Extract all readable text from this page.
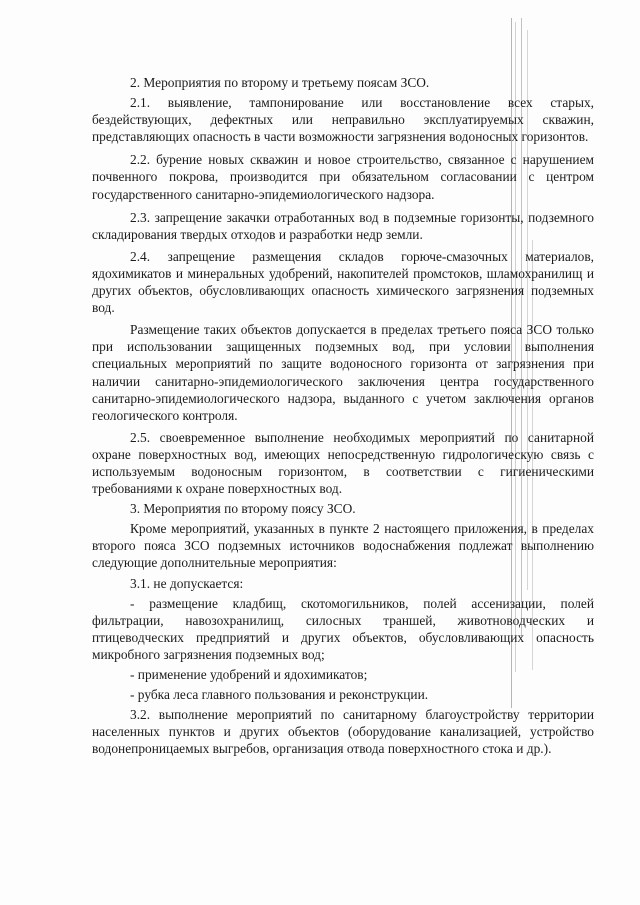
2. Мероприятия по второму и третьему поясам ЗСО.

2.1. выявление, тампонирование или восстановление всех старых, бездействующих, дефектных или неправильно эксплуатируемых скважин, представляющих опасность в части возможности загрязнения водоносных горизонтов.

2.2. бурение новых скважин и новое строительство, связанное с нарушением почвенного покрова, производится при обязательном согласовании с центром государственного санитарно-эпидемиологического надзора.

2.3. запрещение закачки отработанных вод в подземные горизонты, подземного складирования твердых отходов и разработки недр земли.

2.4. запрещение размещения складов горюче-смазочных материалов, ядохимикатов и минеральных удобрений, накопителей промстоков, шламохранилищ и других объектов, обусловливающих опасность химического загрязнения подземных вод.

Размещение таких объектов допускается в пределах третьего пояса ЗСО только при использовании защищенных подземных вод, при условии выполнения специальных мероприятий по защите водоносного горизонта от загрязнения при наличии санитарно-эпидемиологического заключения центра государственного санитарно-эпидемиологического надзора, выданного с учетом заключения органов геологического контроля.

2.5. своевременное выполнение необходимых мероприятий по санитарной охране поверхностных вод, имеющих непосредственную гидрологическую связь с используемым водоносным горизонтом, в соответствии с гигиеническими требованиями к охране поверхностных вод.

3. Мероприятия по второму поясу ЗСО.

Кроме мероприятий, указанных в пункте 2 настоящего приложения, в пределах второго пояса ЗСО подземных источников водоснабжения подлежат выполнению следующие дополнительные мероприятия:

3.1. не допускается:

- размещение кладбищ, скотомогильников, полей ассенизации, полей фильтрации, навозохранилищ, силосных траншей, животноводческих и птицеводческих предприятий и других объектов, обусловливающих опасность микробного загрязнения подземных вод;

- применение удобрений и ядохимикатов;

- рубка леса главного пользования и реконструкции.

3.2. выполнение мероприятий по санитарному благоустройству территории населенных пунктов и других объектов (оборудование канализацией, устройство водонепроницаемых выгребов, организация отвода поверхностного стока и др.).
